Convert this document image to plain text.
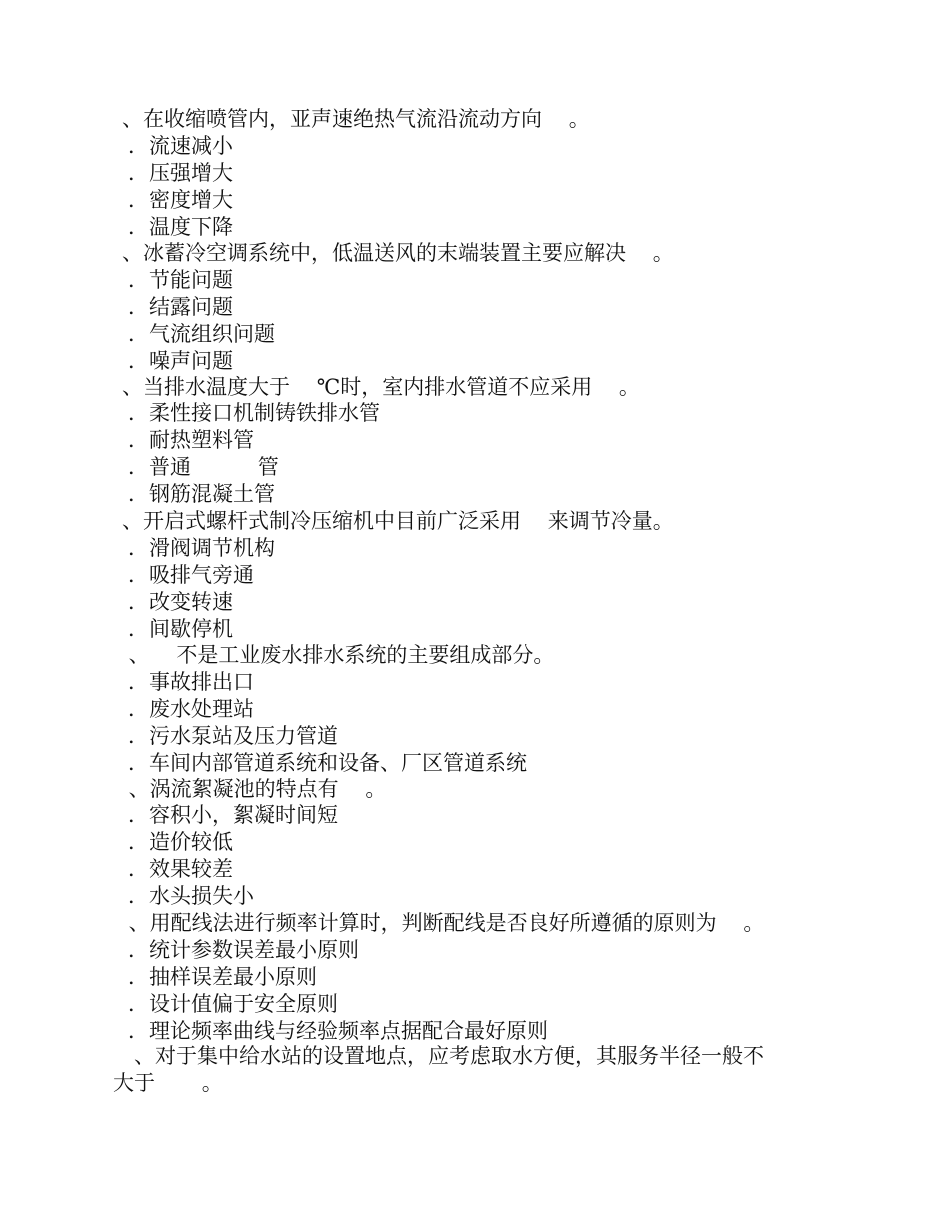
、在收缩喷管内，亚声速绝热气流沿流动方向    。
．流速减小
．压强增大
．密度增大
．温度下降
、冰蓄冷空调系统中，低温送风的末端装置主要应解决    。
．节能问题
．结露问题
．气流组织问题
．噪声问题
、当排水温度大于    ℃时，室内排水管道不应采用    。
．柔性接口机制铸铁排水管
．耐热塑料管
．普通          管
．钢筋混凝土管
、开启式螺杆式制冷压缩机中目前广泛采用    来调节冷量。
．滑阀调节机构
．吸排气旁通
．改变转速
．间歇停机
、    不是工业废水排水系统的主要组成部分。
．事故排出口
．废水处理站
．污水泵站及压力管道
．车间内部管道系统和设备、厂区管道系统
、涡流絮凝池的特点有    。
．容积小，絮凝时间短
．造价较低
．效果较差
．水头损失小
、用配线法进行频率计算时，判断配线是否良好所遵循的原则为    。
．统计参数误差最小原则
．抽样误差最小原则
．设计值偏于安全原则
．理论频率曲线与经验频率点据配合最好原则
、对于集中给水站的设置地点，应考虑取水方便，其服务半径一般不
大于       。
